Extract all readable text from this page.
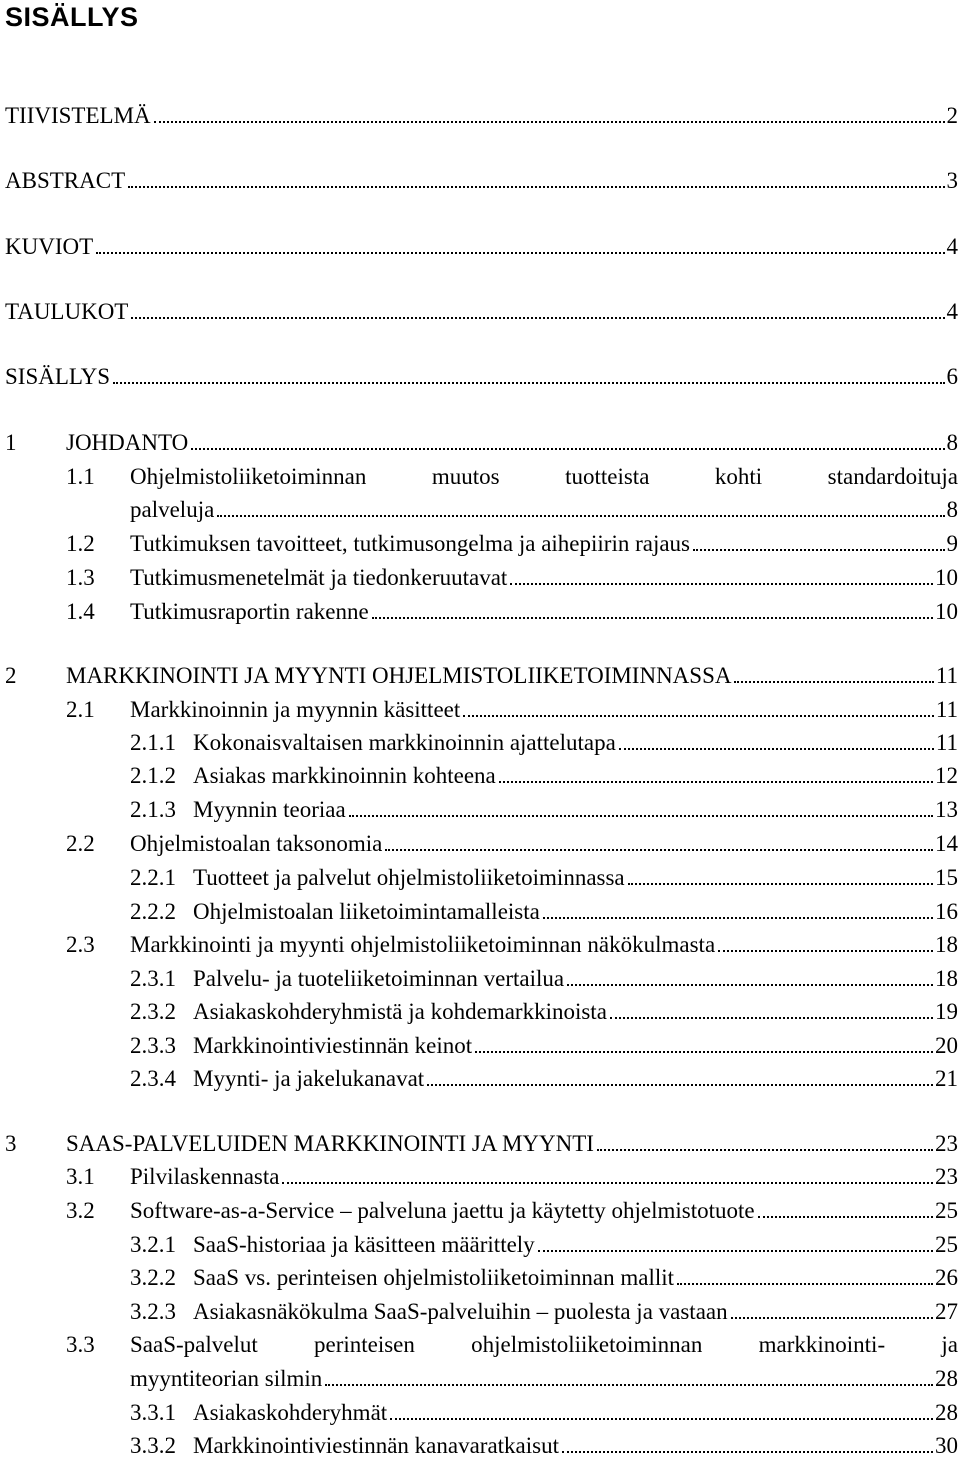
SISÄLLYS
TIIVISTELMÄ	2
ABSTRACT	3
KUVIOT	4
TAULUKOT	4
SISÄLLYS	6
1	JOHDANTO	8
1.1 Ohjelmistoliiketoiminnan	muutos	tuotteista	kohti	standardoituja
palveluja	8
1.2	Tutkimuksen tavoitteet, tutkimusongelma ja aihepiirin rajaus	9
1.3	Tutkimusmenetelmät ja tiedonkeruutavat	10
1.4	Tutkimusraportin rakenne	10
2	MARKKINOINTI JA MYYNTI OHJELMISTOLIIKETOIMINNASSA	11
2.1	Markkinoinnin ja myynnin käsitteet	11
2.1.1 Kokonaisvaltaisen markkinoinnin ajattelutapa	11
2.1.2 Asiakas markkinoinnin kohteena	12
2.1.3 Myynnin teoriaa	13
2.2	Ohjelmistoalan taksonomia	14
2.2.1 Tuotteet ja palvelut ohjelmistoliiketoiminnassa	15
2.2.2 Ohjelmistoalan liiketoimintamalleista	16
2.3	Markkinointi ja myynti ohjelmistoliiketoiminnan näkökulmasta	18
2.3.1 Palvelu- ja tuoteliiketoiminnan vertailua	18
2.3.2 Asiakaskohderyhmistä ja kohdemarkkinoista	19
2.3.3 Markkinointiviestinnän keinot	20
2.3.4 Myynti- ja jakelukanavat	21
3	SAAS-PALVELUIDEN MARKKINOINTI JA MYYNTI	23
3.1	Pilvilaskennasta	23
3.2	Software-as-a-Service – palveluna jaettu ja käytetty ohjelmistotuote	25
3.2.1 SaaS-historiaa ja käsitteen määrittely	25
3.2.2 SaaS vs. perinteisen ohjelmistoliiketoiminnan mallit	26
3.2.3 Asiakasnäkökulma SaaS-palveluihin – puolesta ja vastaan	27
3.3 SaaS-palvelut perinteisen ohjelmistoliiketoiminnan markkinointi- ja
myyntiteorian silmin	28
3.3.1 Asiakaskohderyhmät	28
3.3.2 Markkinointiviestinnän kanavaratkaisut	30
